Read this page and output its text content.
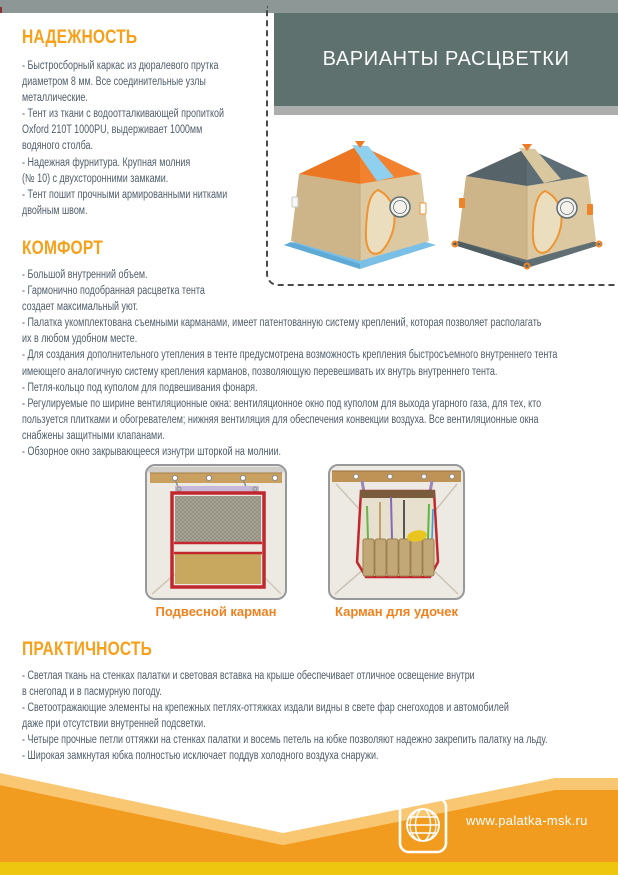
ВАРИАНТЫ РАСЦВЕТКИ
НАДЕЖНОСТЬ
- Быстросборный каркас из дюралевого прутка
диаметром 8 мм. Все соединительные узлы
металлические.
- Тент из ткани с водоотталкивающей пропиткой
Oxford 210T 1000PU, выдерживает 1000мм
водяного столба.
- Надежная фурнитура. Крупная молния
(№ 10) с двухсторонними замками.
- Тент пошит прочными армированными нитками
двойным швом.
КОМФОРТ
- Большой внутренний объем.
- Гармонично подобранная расцветка тента
создает максимальный уют.
- Палатка укомплектована съемными карманами, имеет патентованную систему креплений, которая позволяет располагать
их в любом удобном месте.
- Для создания дополнительного утепления в тенте предусмотрена возможность крепления быстросъемного внутреннего тента
имеющего аналогичную систему крепления карманов, позволяющую перевешивать их внутрь внутреннего тента.
- Петля-кольцо под куполом для подвешивания фонаря.
- Регулируемые по ширине вентиляционные окна: вентиляционное окно под куполом для выхода угарного газа, для тех, кто
пользуется плитками и обогревателем; нижняя вентиляция для обеспечения конвекции воздуха. Все вентиляционные окна
снабжены защитными клапанами.
- Обзорное окно закрывающееся изнутри шторкой на молнии.
ПРАКТИЧНОСТЬ
- Светлая ткань на стенках палатки и световая вставка на крыше обеспечивает отличное освещение внутри
в снегопад и в пасмурную погоду.
- Светоотражающие элементы на крепежных петлях-оттяжках издали видны в свете фар снегоходов и автомобилей
даже при отсутствии внутренней подсветки.
- Четыре прочные петли оттяжки на стенках палатки и восемь петель на юбке позволяют надежно закрепить палатку на льду.
- Широкая замкнутая юбка полностью исключает поддув холодного воздуха снаружи.
Подвесной карман	Карман для удочек
www.palatka-msk.ru
